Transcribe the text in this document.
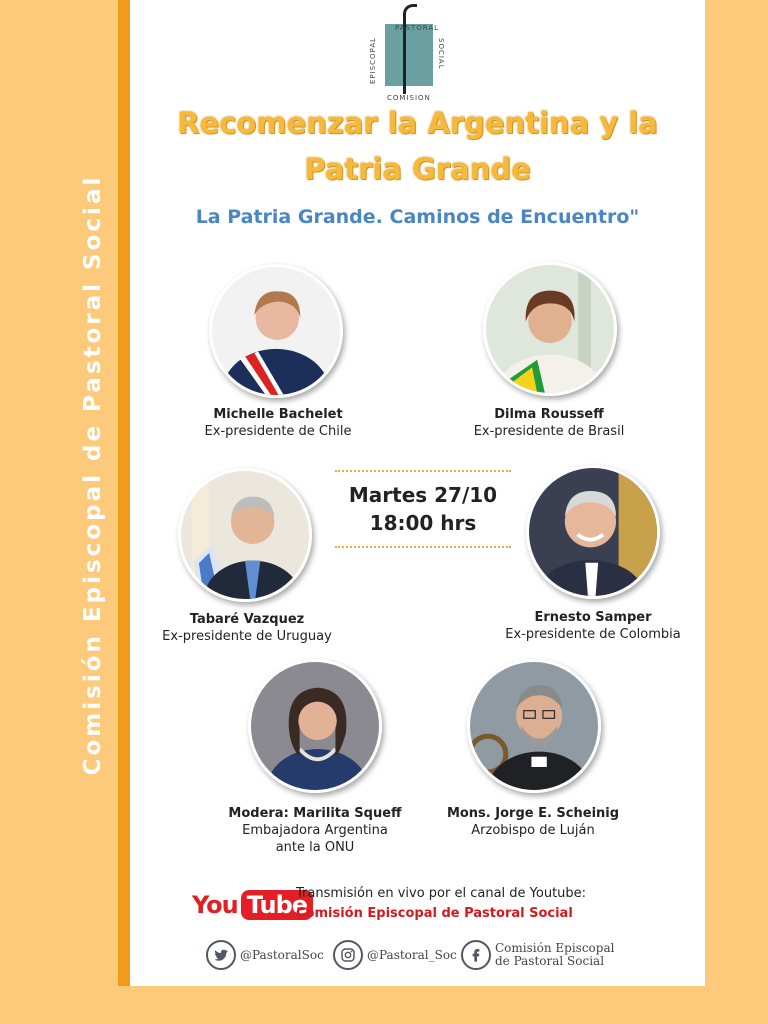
Comisión Episcopal de Pastoral Social
PASTORAL
EPISCOPAL	SOCIAL
COMISION
Recomenzar la Argentina y la
Patria Grande
La Patria Grande. Caminos de Encuentro"
Michelle Bachelet
Ex-presidente de Chile
Dilma Rousseff
Ex-presidente de Brasil
Martes 27/10
18:00 hrs
Tabaré Vazquez
Ex-presidente de Uruguay
Ernesto Samper
Ex-presidente de Colombia
Modera: Marilita Squeff
Embajadora Argentina
ante la ONU
Mons. Jorge E. Scheinig
Arzobispo de Luján
You Tube
Transmisión en vivo por el canal de Youtube:
Comisión Episcopal de Pastoral Social
@PastoralSoc	@Pastoral_Soc	Comisión Episcopal
de Pastoral Social
